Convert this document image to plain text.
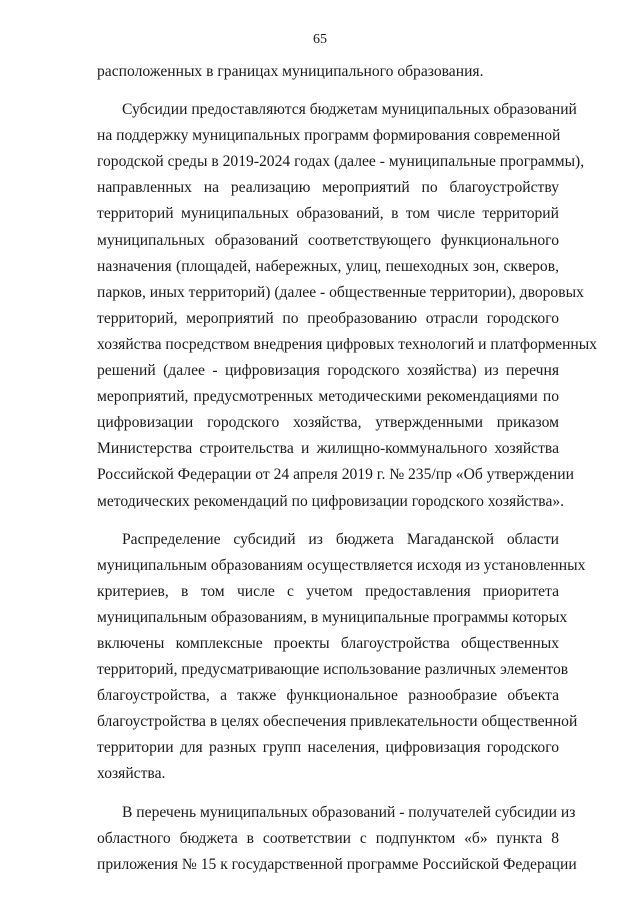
65
расположенных в границах муниципального образования.
Субсидии предоставляются бюджетам муниципальных образований
на поддержку муниципальных программ формирования современной
городской среды в 2019-2024 годах (далее - муниципальные программы),
направленных на реализацию мероприятий по благоустройству
территорий муниципальных образований, в том числе территорий
муниципальных образований соответствующего функционального
назначения (площадей, набережных, улиц, пешеходных зон, скверов,
парков, иных территорий) (далее - общественные территории), дворовых
территорий, мероприятий по преобразованию отрасли городского
хозяйства посредством внедрения цифровых технологий и платформенных
решений (далее - цифровизация городского хозяйства) из перечня
мероприятий, предусмотренных методическими рекомендациями по
цифровизации городского хозяйства, утвержденными приказом
Министерства строительства и жилищно-коммунального хозяйства
Российской Федерации от 24 апреля 2019 г. № 235/пр «Об утверждении
методических рекомендаций по цифровизации городского хозяйства».
Распределение субсидий из бюджета Магаданской области
муниципальным образованиям осуществляется исходя из установленных
критериев, в том числе с учетом предоставления приоритета
муниципальным образованиям, в муниципальные программы которых
включены комплексные проекты благоустройства общественных
территорий, предусматривающие использование различных элементов
благоустройства, а также функциональное разнообразие объекта
благоустройства в целях обеспечения привлекательности общественной
территории для разных групп населения, цифровизация городского
хозяйства.
В перечень муниципальных образований - получателей субсидии из
областного бюджета в соответствии с подпунктом «б» пункта 8
приложения № 15 к государственной программе Российской Федерации
